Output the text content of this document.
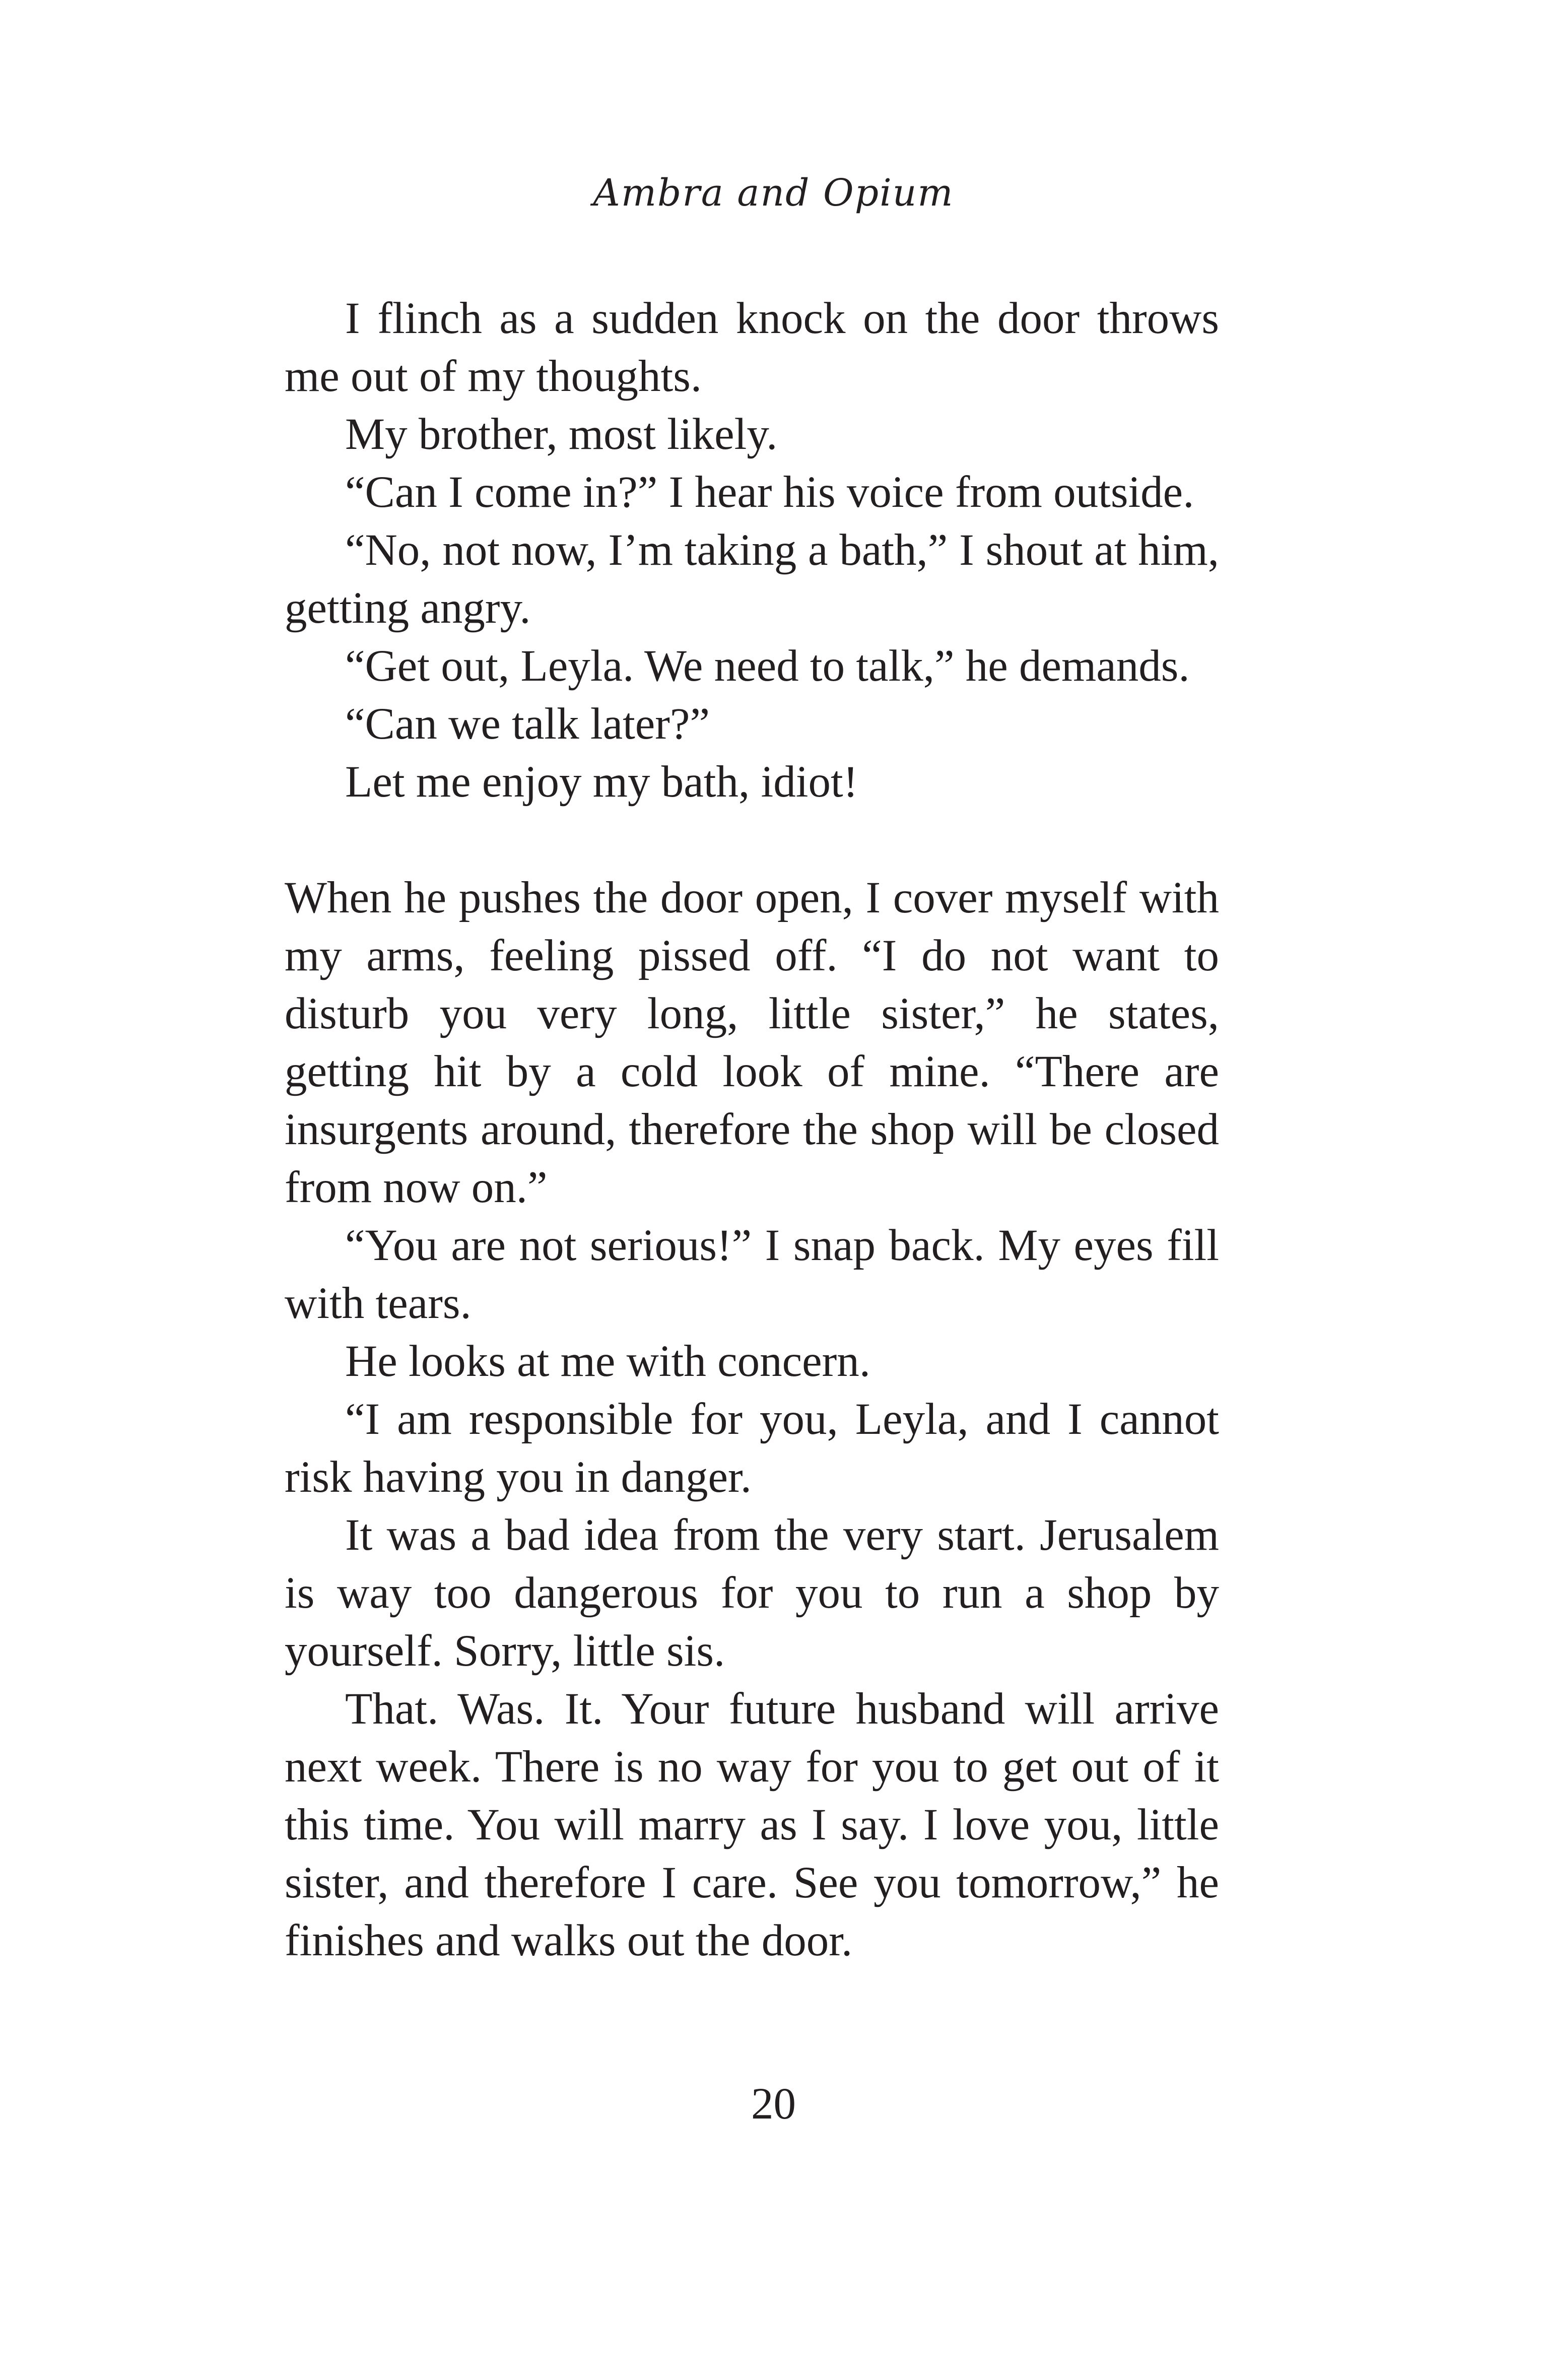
Ambra and Opium

I flinch as a sudden knock on the door throws me out of my thoughts.

My brother, most likely.

“Can I come in?” I hear his voice from outside.

“No, not now, I’m taking a bath,” I shout at him, getting angry.

“Get out, Leyla. We need to talk,” he demands.

“Can we talk later?”

Let me enjoy my bath, idiot!

When he pushes the door open, I cover myself with my arms, feeling pissed off. “I do not want to disturb you very long, little sister,” he states, getting hit by a cold look of mine. “There are insurgents around, therefore the shop will be closed from now on.”

“You are not serious!” I snap back. My eyes fill with tears.

He looks at me with concern.

“I am responsible for you, Leyla, and I cannot risk having you in danger.

It was a bad idea from the very start. Jerusalem is way too dangerous for you to run a shop by yourself. Sorry, little sis.

That. Was. It. Your future husband will arrive next week. There is no way for you to get out of it this time. You will marry as I say. I love you, little sister, and therefore I care. See you tomorrow,” he finishes and walks out the door.

20
